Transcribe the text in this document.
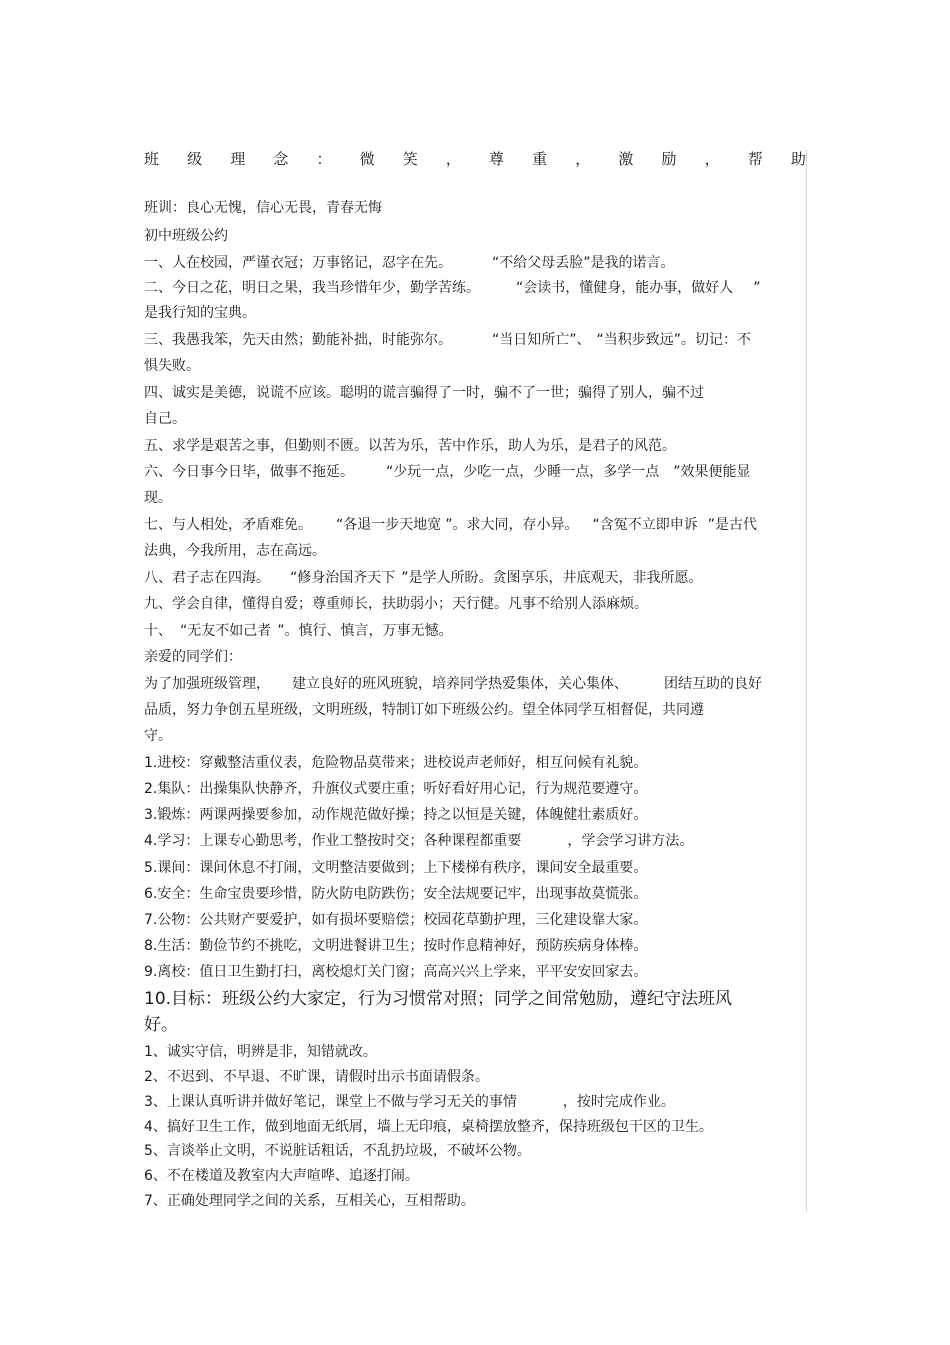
班 级 理 念 ： 微 笑 ， 尊 重 ， 激 励 ， 帮 助
班训：良心无愧，信心无畏，青春无悔
初中班级公约
一、人在校园，严谨衣冠；万事铭记，忍字在先。	“不给父母丢脸”是我的诺言。
二、今日之花，明日之果，我当珍惜年少，勤学苦练。	“会读书，懂健身，能办事，做好人 ”
是我行知的宝典。
三、我愚我笨，先天由然；勤能补拙，时能弥尔。	“当日知所亡”、 “当积步致远”。切记：不
惧失败。
四、诚实是美德，说谎不应该。聪明的谎言骗得了一时，骗不了一世；骗得了别人，骗不过
自己。
五、求学是艰苦之事，但勤则不匮。以苦为乐，苦中作乐，助人为乐，是君子的风范。
六、今日事今日毕，做事不拖延。 “少玩一点，少吃一点，少睡一点，多学一点 ”效果便能显
现。
七、与人相处，矛盾难免。 “各退一步天地宽 ”。求大同，存小异。 “含冤不立即申诉 ”是古代
法典，今我所用，志在高远。
八、君子志在四海。 “修身治国齐天下 ”是学人所盼。贪图享乐，井底观天，非我所愿。
九、学会自律，懂得自爱；尊重师长，扶助弱小；天行健。凡事不给别人添麻烦。
十、 “无友不如己者 ”。慎行、慎言，万事无憾。
亲爱的同学们：
为了加强班级管理， 建立良好的班风班貌，培养同学热爱集体，关心集体、	团结互助的良好
品质，努力争创五星班级，文明班级，特制订如下班级公约。望全体同学互相督促，共同遵
守。
1.进校：穿戴整洁重仪表，危险物品莫带来；进校说声老师好，相互问候有礼貌。
2.集队：出操集队快静齐，升旗仪式要庄重；听好看好用心记，行为规范要遵守。
3.锻炼：两课两操要参加，动作规范做好操；持之以恒是关键，体魄健壮素质好。
4.学习：上课专心勤思考，作业工整按时交；各种课程都重要	，学会学习讲方法。
5.课间：课间休息不打闹，文明整洁要做到；上下楼梯有秩序，课间安全最重要。
6.安全：生命宝贵要珍惜，防火防电防跌伤；安全法规要记牢，出现事故莫慌张。
7.公物：公共财产要爱护，如有损坏要赔偿；校园花草勤护理，三化建设靠大家。
8.生活：勤俭节约不挑吃，文明进餐讲卫生；按时作息精神好，预防疾病身体棒。
9.离校：值日卫生勤打扫，离校熄灯关门窗；高高兴兴上学来，平平安安回家去。
10.目标：班级公约大家定，行为习惯常对照；同学之间常勉励，遵纪守法班风
好。
1、诚实守信，明辨是非，知错就改。
2、不迟到、不早退、不旷课，请假时出示书面请假条。
3、上课认真听讲并做好笔记，课堂上不做与学习无关的事情	，按时完成作业。
4、搞好卫生工作，做到地面无纸屑，墙上无印痕，桌椅摆放整齐，保持班级包干区的卫生。
5、言谈举止文明，不说脏话粗话，不乱扔垃圾，不破坏公物。
6、不在楼道及教室内大声喧哗、追逐打闹。
7、正确处理同学之间的关系，互相关心，互相帮助。
